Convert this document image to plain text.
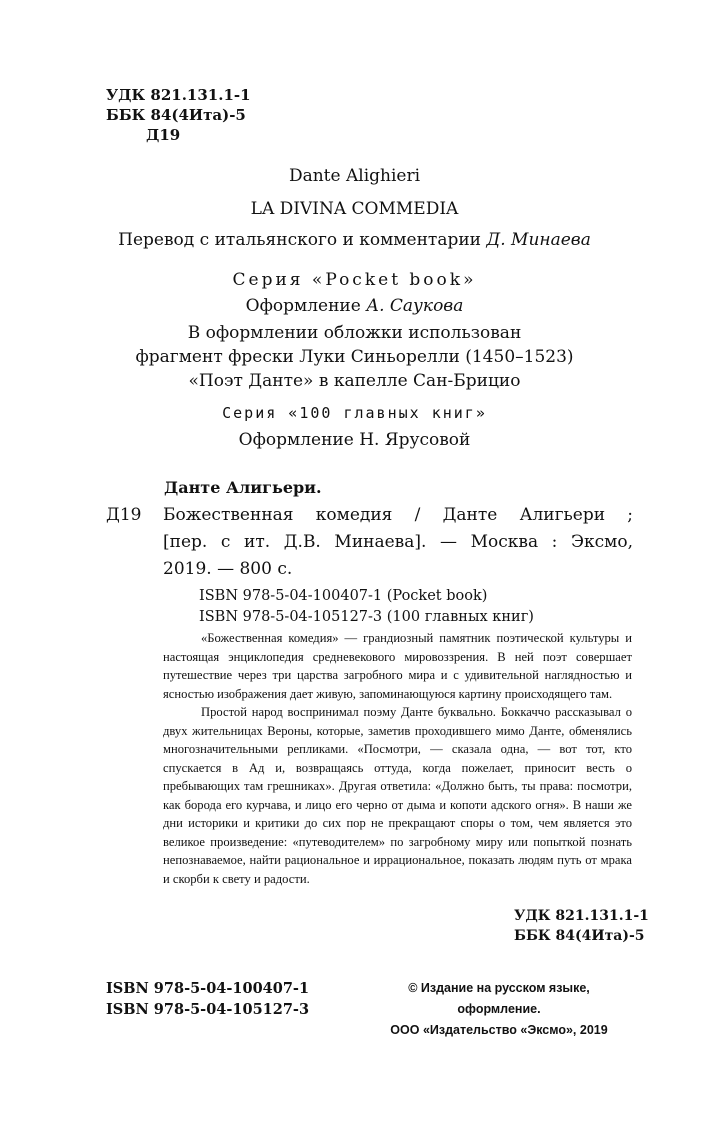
УДК 821.131.1-1
ББК 84(4Ита)-5
Д19
Dante Alighieri
LA DIVINA COMMEDIA
Перевод с итальянского и комментарии Д. Минаева
Серия «Pocket book»
Оформление А. Саукова
В оформлении обложки использован
фрагмент фрески Луки Синьорелли (1450–1523)
«Поэт Данте» в капелле Сан-Брицио
Серия «100 главных книг»
Оформление Н. Ярусовой
Данте Алигьери.
Д19 Божественная комедия / Данте Алигьери ;
[пер. с ит. Д.В. Минаева]. — Москва : Эксмо,
2019. — 800 с.
ISBN 978-5-04-100407-1 (Pocket book)
ISBN 978-5-04-105127-3 (100 главных книг)

«Божественная комедия» — грандиозный памятник поэтической культуры и настоящая энциклопедия средневекового мировоззрения. В ней поэт совершает путешествие через три царства загробного мира и с удивительной наглядностью и ясностью изображения дает живую, запоминающуюся картину происходящего там.

Простой народ воспринимал поэму Данте буквально. Боккаччо рассказывал о двух жительницах Вероны, которые, заметив проходившего мимо Данте, обменялись многозначительными репликами. «Посмотри, — сказала одна, — вот тот, кто спускается в Ад и, возвращаясь оттуда, когда пожелает, приносит весть о пребывающих там грешниках». Другая ответила: «Должно быть, ты права: посмотри, как борода его курчава, и лицо его черно от дыма и копоти адского огня». В наши же дни историки и критики до сих пор не прекращают споры о том, чем является это великое произведение: «путеводителем» по загробному миру или попыткой познать непознаваемое, найти рациональное и иррациональное, показать людям путь от мрака и скорби к свету и радости.

УДК 821.131.1-1
ББК 84(4Ита)-5
ISBN 978-5-04-100407-1
ISBN 978-5-04-105127-3
© Издание на русском языке, оформление.
ООО «Издательство «Эксмо», 2019
